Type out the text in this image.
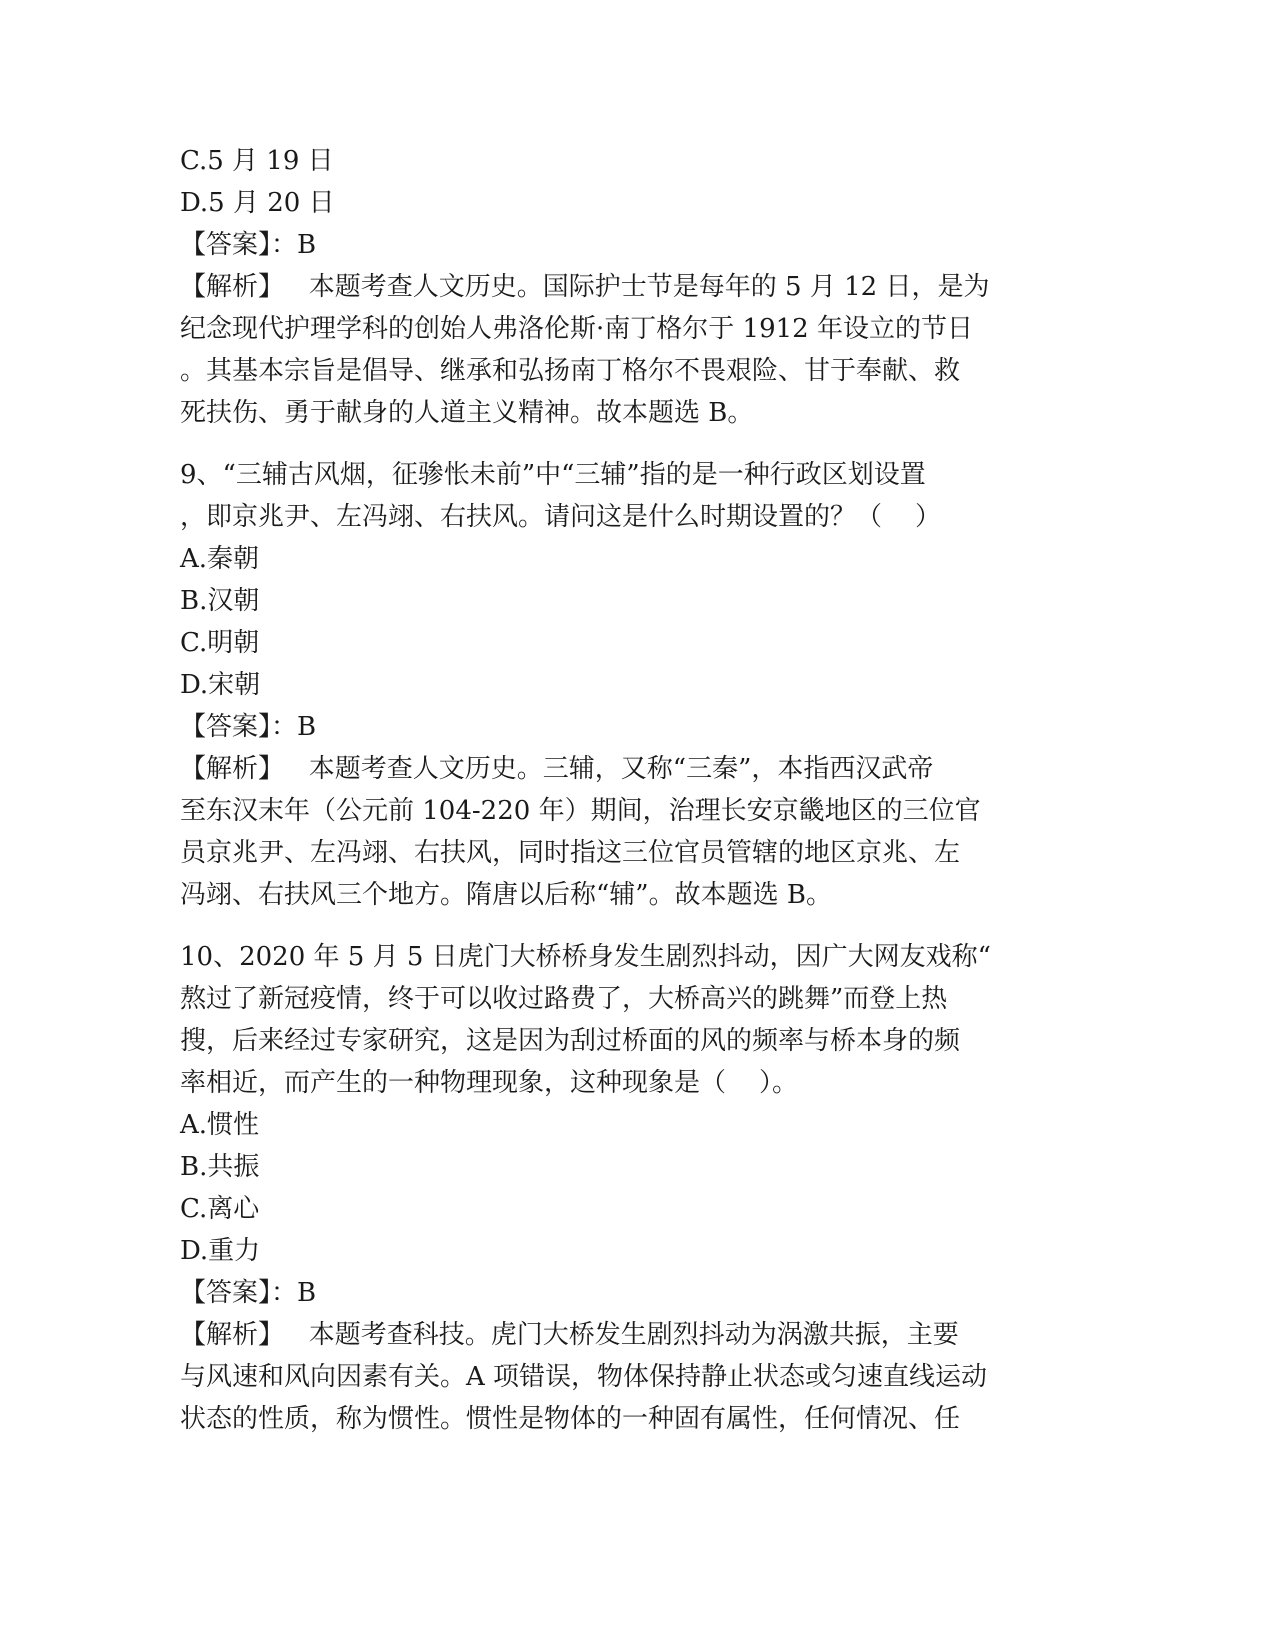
C.5 月 19 日
D.5 月 20 日
【答案】：B
【解析】   本题考查人文历史。国际护士节是每年的 5 月 12 日，是为
纪念现代护理学科的创始人弗洛伦斯·南丁格尔于 1912 年设立的节日
。其基本宗旨是倡导、继承和弘扬南丁格尔不畏艰险、甘于奉献、救
死扶伤、勇于献身的人道主义精神。故本题选 B。
9、“三辅古风烟，征骖怅未前”中“三辅”指的是一种行政区划设置
，即京兆尹、左冯翊、右扶风。请问这是什么时期设置的？（    ）
A.秦朝
B.汉朝
C.明朝
D.宋朝
【答案】：B
【解析】   本题考查人文历史。三辅，又称“三秦”，本指西汉武帝
至东汉末年（公元前 104-220 年）期间，治理长安京畿地区的三位官
员京兆尹、左冯翊、右扶风，同时指这三位官员管辖的地区京兆、左
冯翊、右扶风三个地方。隋唐以后称“辅”。故本题选 B。
10、2020 年 5 月 5 日虎门大桥桥身发生剧烈抖动，因广大网友戏称“
熬过了新冠疫情，终于可以收过路费了，大桥高兴的跳舞”而登上热
搜，后来经过专家研究，这是因为刮过桥面的风的频率与桥本身的频
率相近，而产生的一种物理现象，这种现象是（    ）。
A.惯性
B.共振
C.离心
D.重力
【答案】：B
【解析】   本题考查科技。虎门大桥发生剧烈抖动为涡激共振，主要
与风速和风向因素有关。A 项错误，物体保持静止状态或匀速直线运动
状态的性质，称为惯性。惯性是物体的一种固有属性，任何情况、任
